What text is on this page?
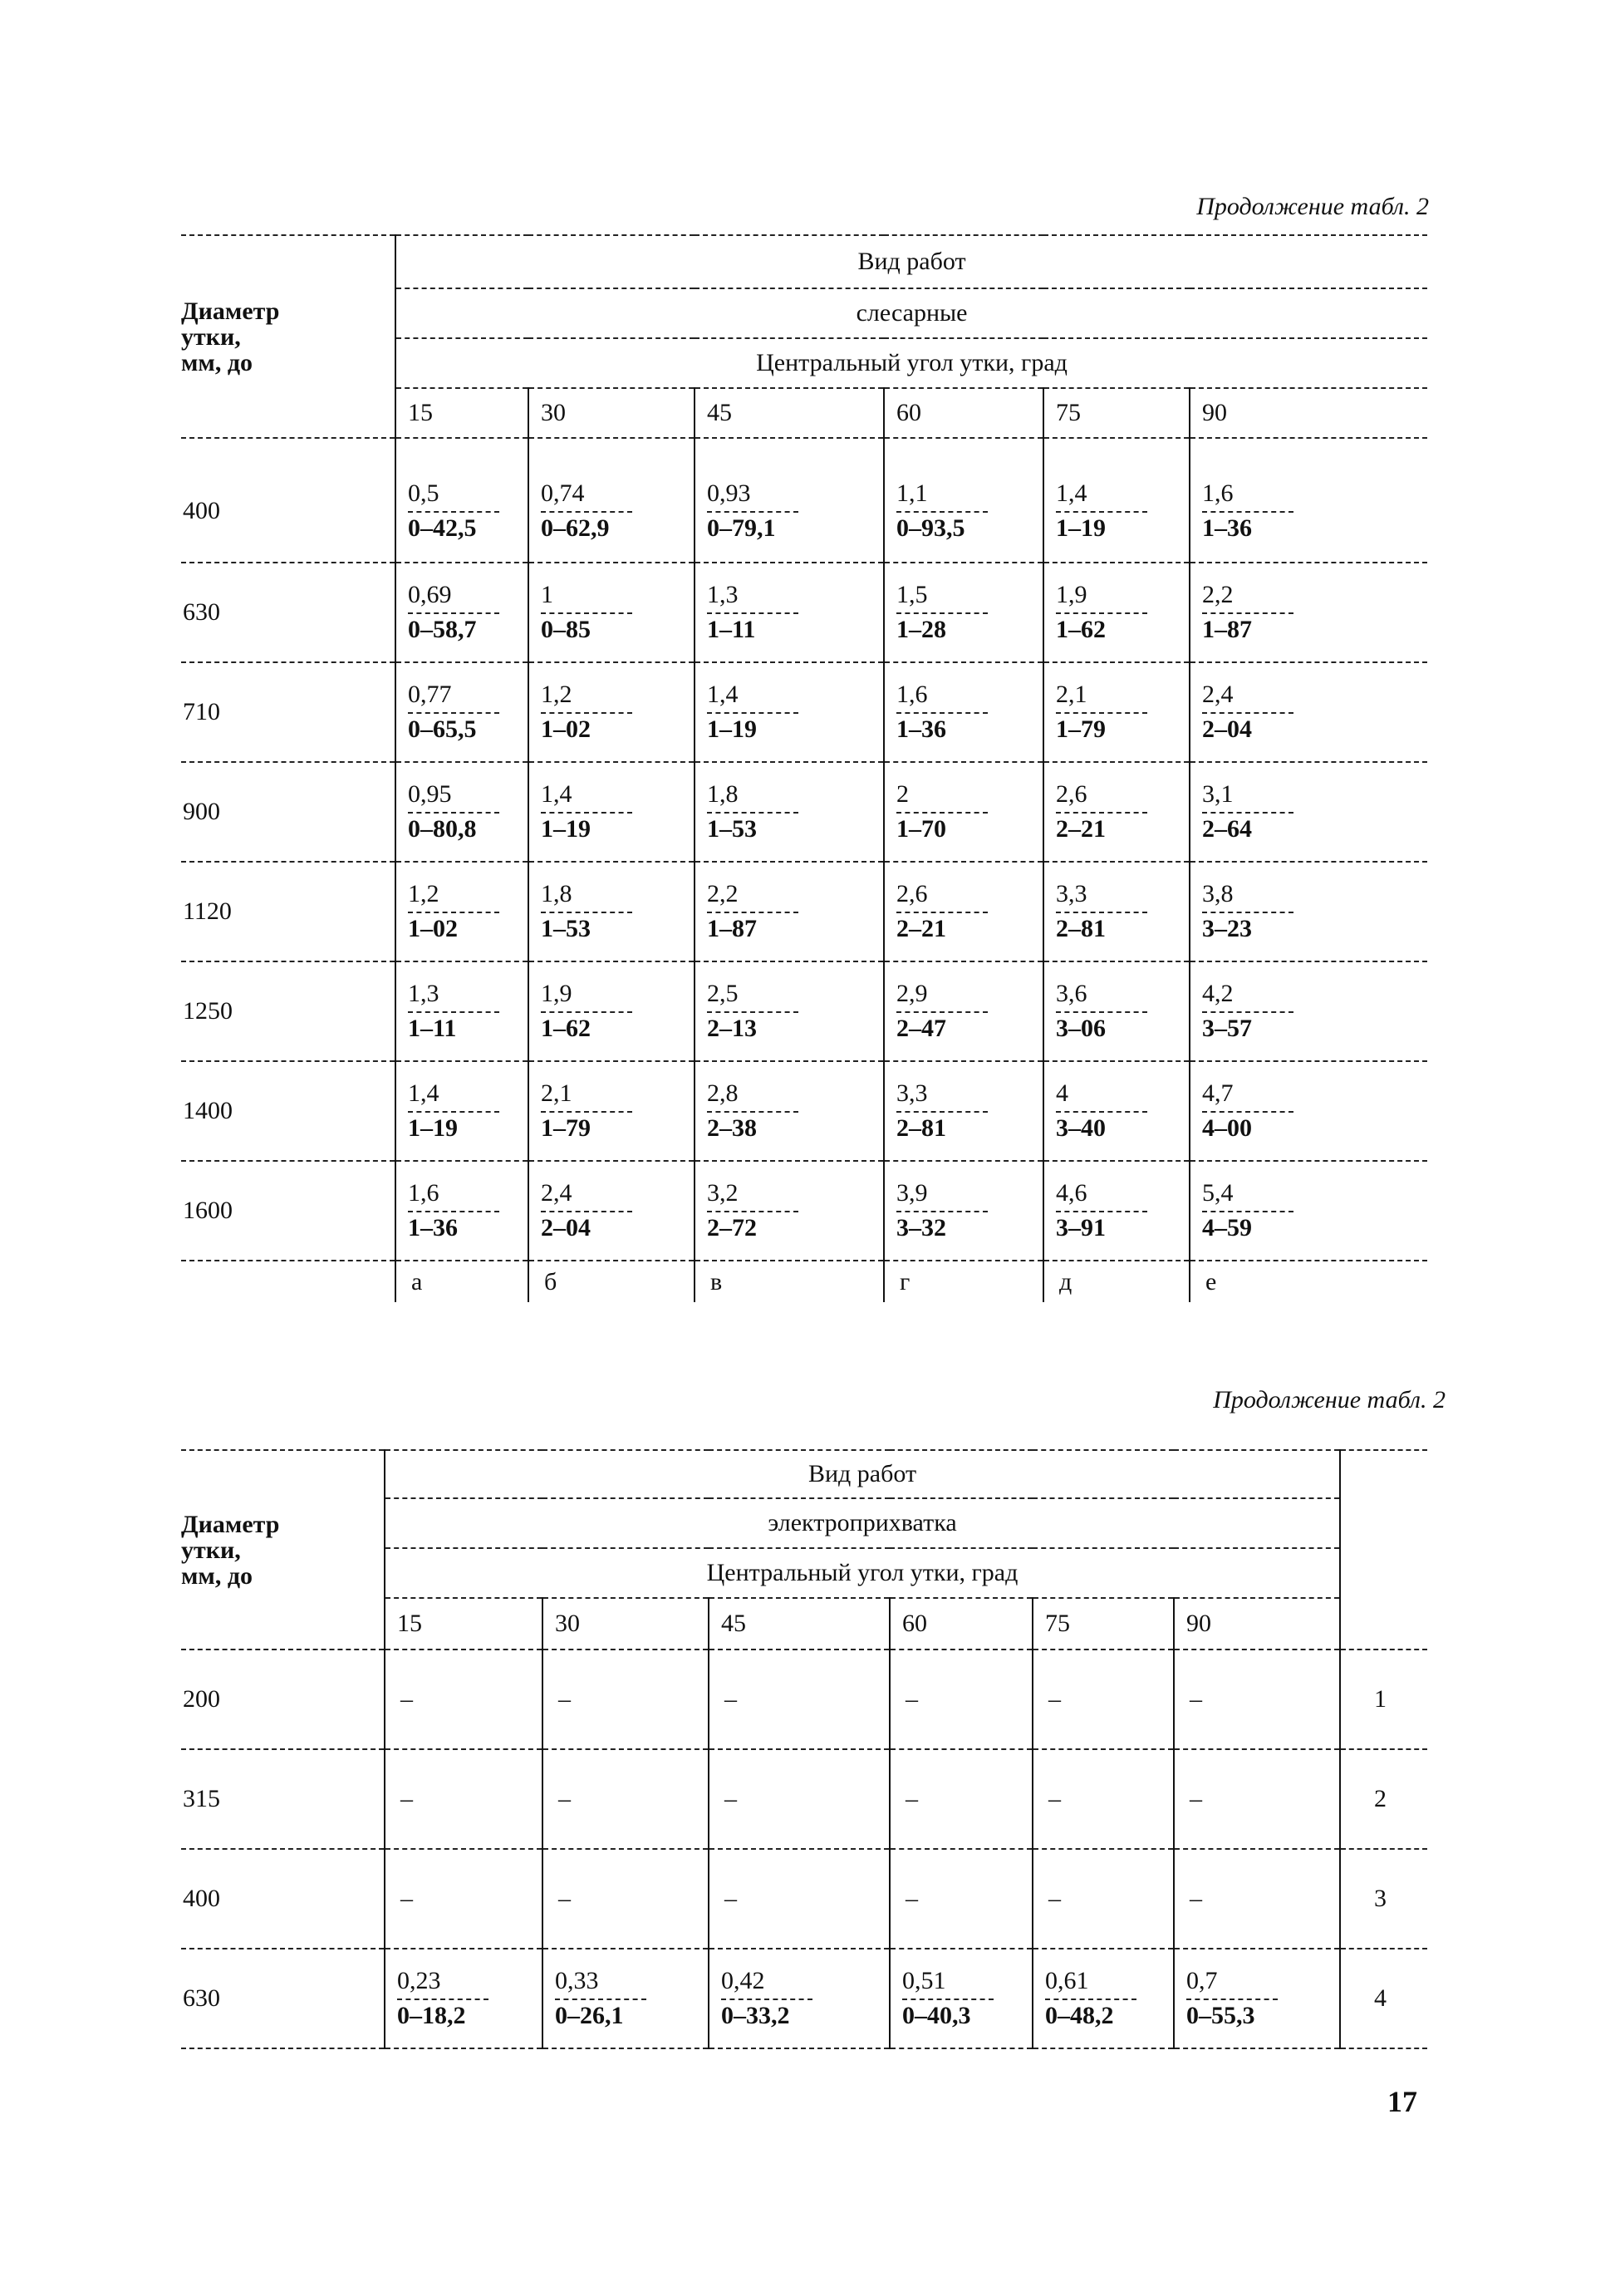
Продолжение табл. 2
Диаметр
утки,
мм, до	Вид работ					
	слесарные					
	Центральный угол утки, град					
	15	30	45	60	75	90
400	$\frac{0,5}{0-42,5}$	$\frac{0,74}{0-62,9}$	$\frac{0,93}{0-79,1}$	$\frac{1,1}{0-93,5}$	$\frac{1,4}{1-19}$	$\frac{1,6}{1-36}$

630	$\frac{0,69}{0-58,7}$	$\frac{1}{0-85}$	$\frac{1,3}{1-11}$	$\frac{1,5}{1-28}$	$\frac{1,9}{1-62}$	$\frac{2,2}{1-87}$

710	$\frac{0,77}{0-65,5}$	$\frac{1,2}{1-02}$	$\frac{1,4}{1-19}$	$\frac{1,6}{1-36}$	$\frac{2,1}{1-79}$	$\frac{2,4}{2-04}$

900	$\frac{0,95}{0-80,8}$	$\frac{1,4}{1-19}$	$\frac{1,8}{1-53}$	$\frac{2}{1-70}$	$\frac{2,6}{2-21}$	$\frac{3,1}{2-64}$

1120	$\frac{1,2}{1-02}$	$\frac{1,8}{1-53}$	$\frac{2,2}{1-87}$	$\frac{2,6}{2-21}$	$\frac{3,3}{2-81}$	$\frac{3,8}{3-23}$

1250	$\frac{1,3}{1-11}$	$\frac{1,9}{1-62}$	$\frac{2,5}{2-13}$	$\frac{2,9}{2-47}$	$\frac{3,6}{3-06}$	$\frac{4,2}{3-57}$

1400	$\frac{1,4}{1-19}$	$\frac{2,1}{1-79}$	$\frac{2,8}{2-38}$	$\frac{3,3}{2-81}$	$\frac{4}{3-40}$	$\frac{4,7}{4-00}$

1600	$\frac{1,6}{1-36}$	$\frac{2,4}{2-04}$	$\frac{3,2}{2-72}$	$\frac{3,9}{3-32}$	$\frac{4,6}{3-91}$	$\frac{5,4}{4-59}$

	а	б	в	г	д	е
Продолжение табл. 2
Диаметр
утки,
мм, до	Вид работ						
	электроприхватка						
	Центральный угол утки, град						
	15	30	45	60	75	90	
200	–	–	–	–	–	–	1
315	–	–	–	–	–	–	2
400	–	–	–	–	–	–	3
630	$\frac{0,23}{0-18,2}$	$\frac{0,33}{0-26,1}$	$\frac{0,42}{0-33,2}$	$\frac{0,51}{0-40,3}$	$\frac{0,61}{0-48,2}$	$\frac{0,7}{0-55,3}$	4
17
